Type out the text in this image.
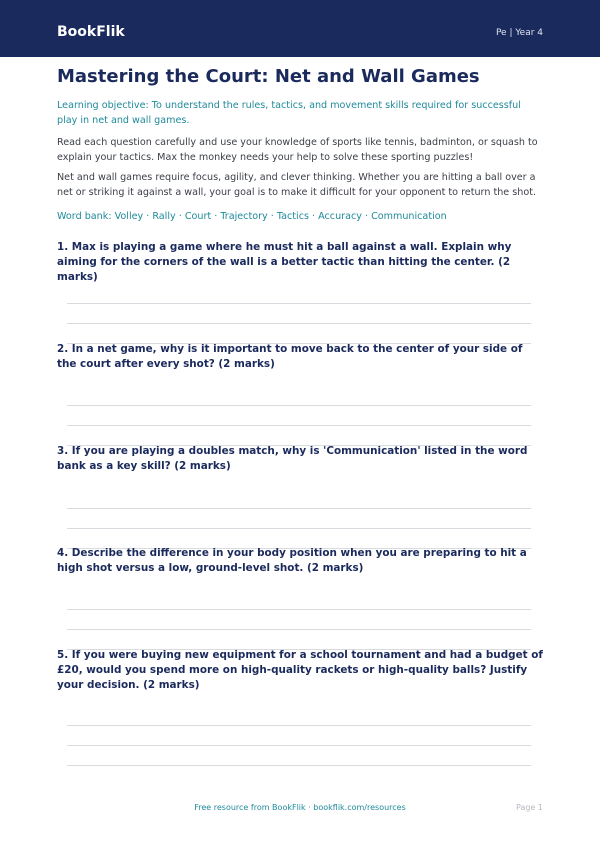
BookFlik	Pe | Year 4
Mastering the Court: Net and Wall Games

Learning objective: To understand the rules, tactics, and movement skills required for successful play in net and wall games.

Read each question carefully and use your knowledge of sports like tennis, badminton, or squash to explain your tactics. Max the monkey needs your help to solve these sporting puzzles!

Net and wall games require focus, agility, and clever thinking. Whether you are hitting a ball over a net or striking it against a wall, your goal is to make it difficult for your opponent to return the shot.

Word bank: Volley · Rally · Court · Trajectory · Tactics · Accuracy · Communication

1. Max is playing a game where he must hit a ball against a wall. Explain why aiming for the corners of the wall is a better tactic than hitting the center. (2 marks)

2. In a net game, why is it important to move back to the center of your side of the court after every shot? (2 marks)

3. If you are playing a doubles match, why is 'Communication' listed in the word bank as a key skill? (2 marks)

4. Describe the difference in your body position when you are preparing to hit a high shot versus a low, ground-level shot. (2 marks)

5. If you were buying new equipment for a school tournament and had a budget of £20, would you spend more on high-quality rackets or high-quality balls? Justify your decision. (2 marks)

Free resource from BookFlik · bookflik.com/resources	Page 1
